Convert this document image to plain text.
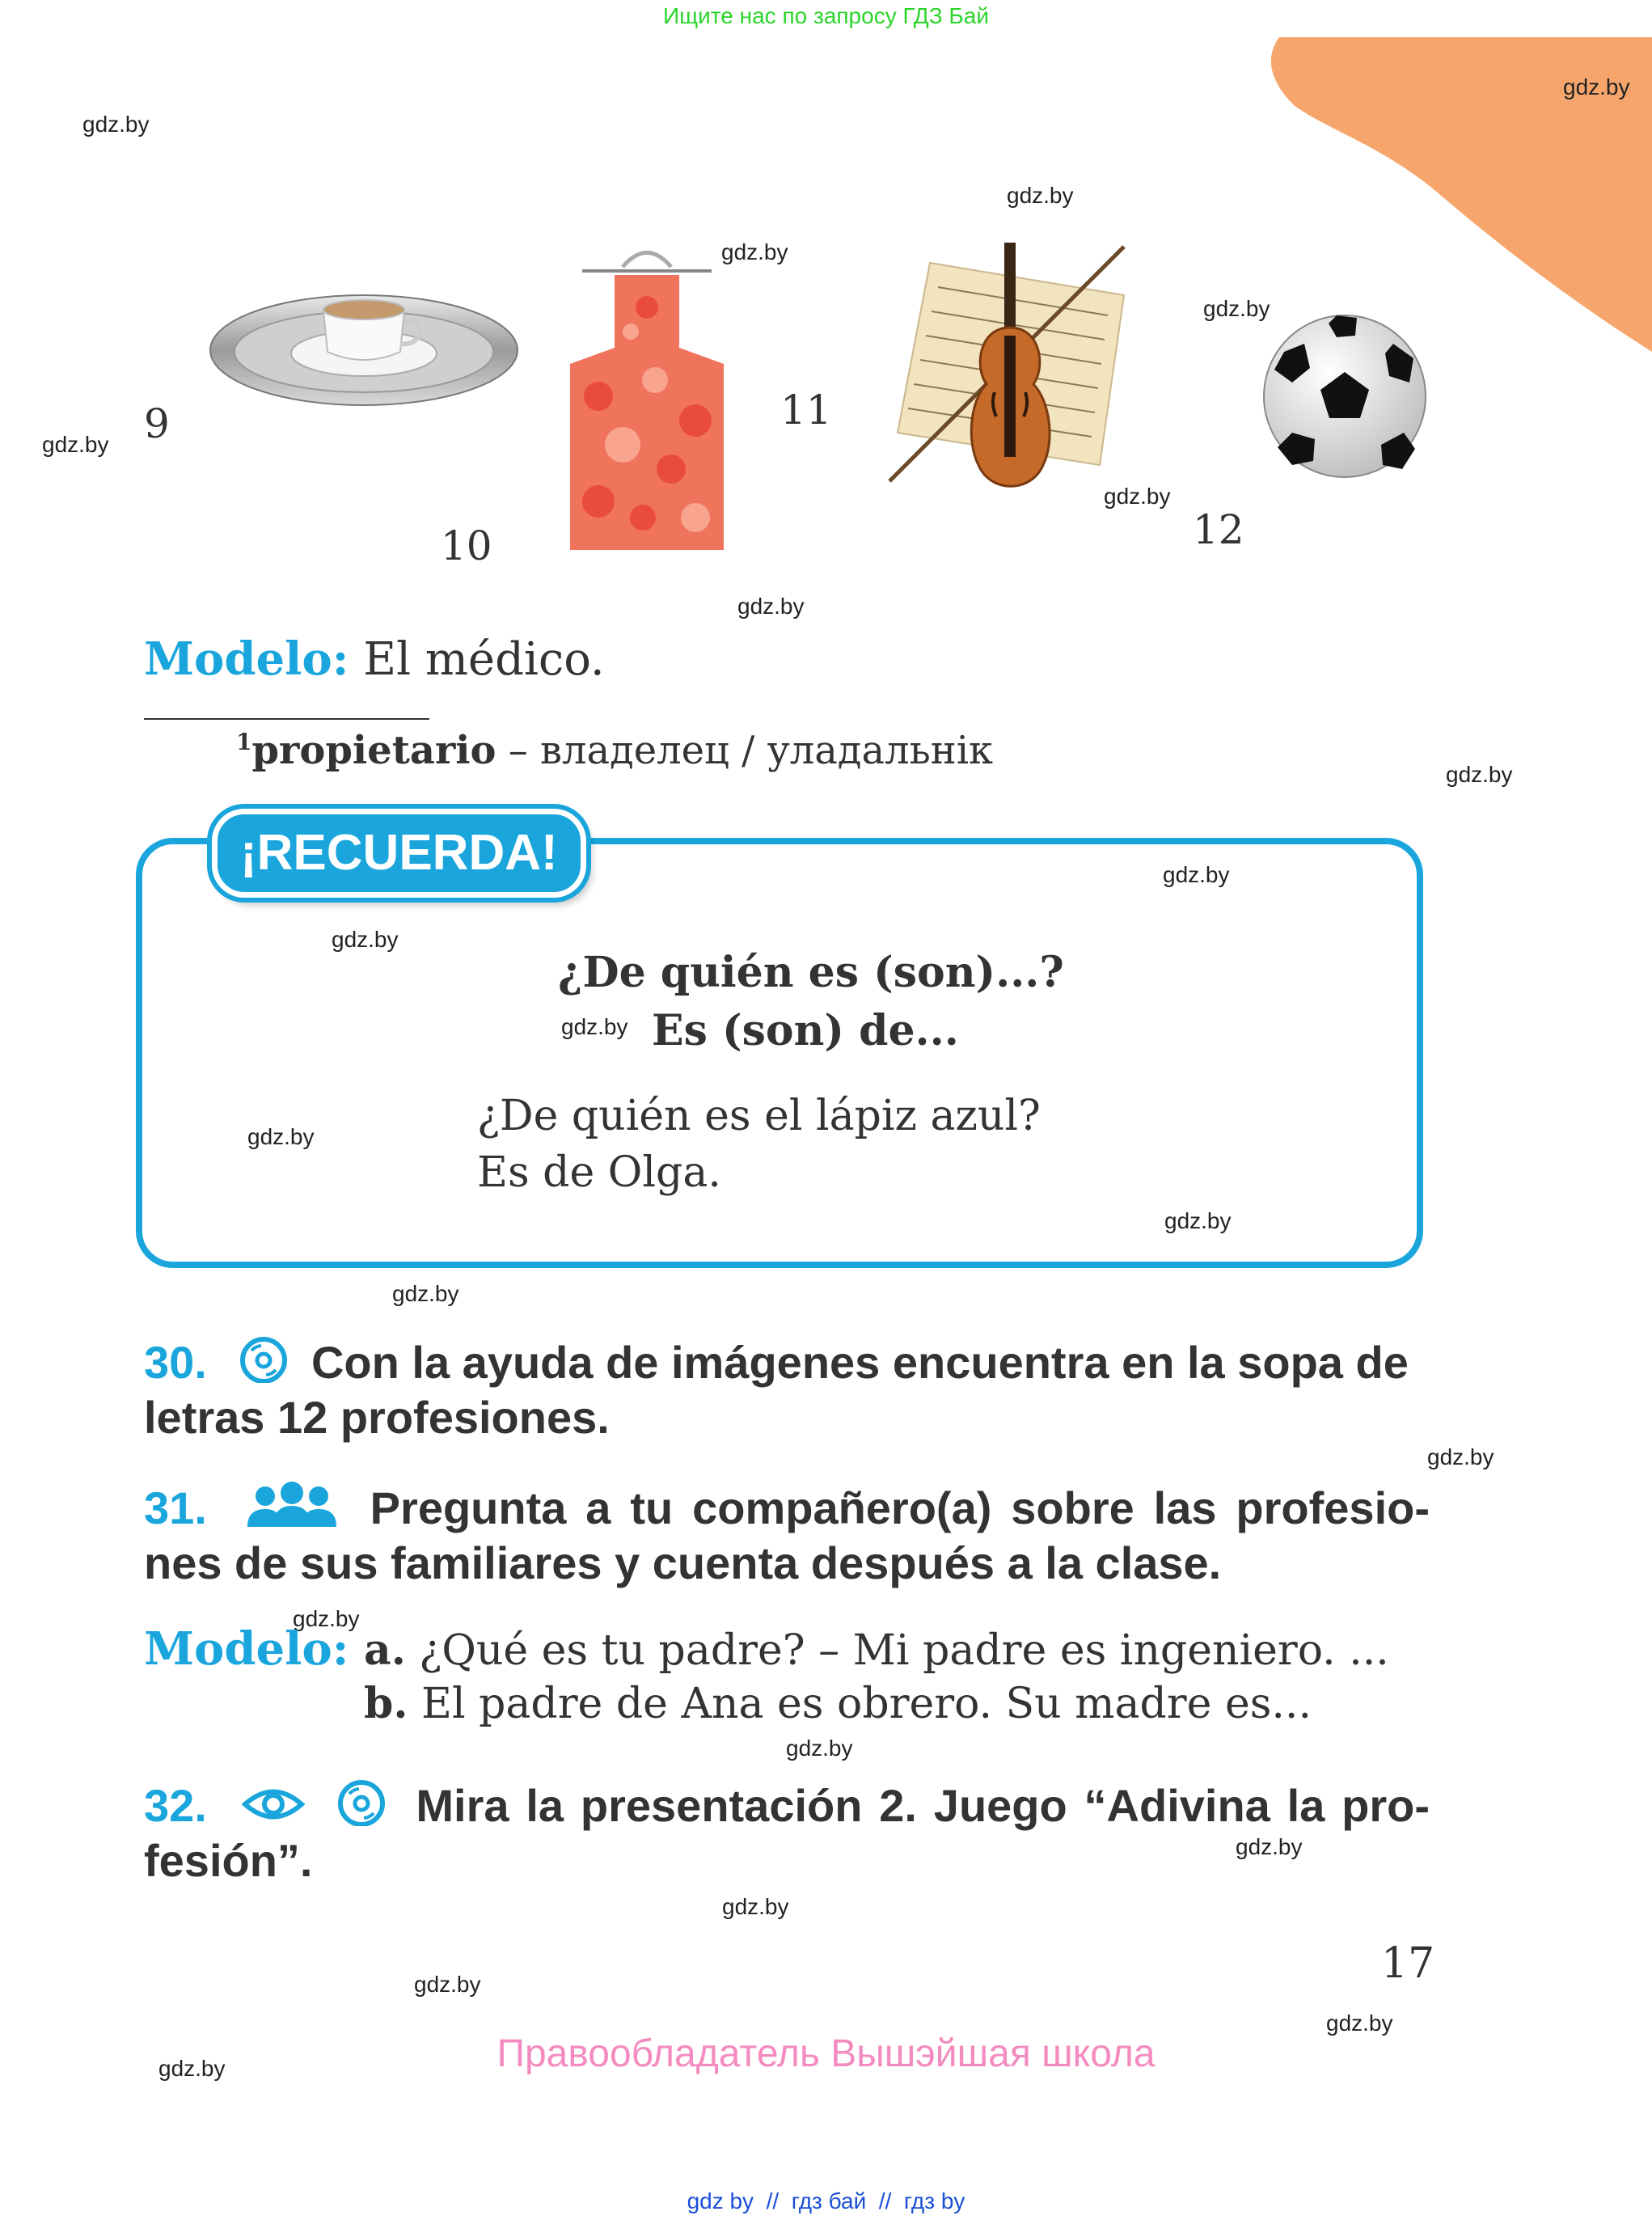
Ищите нас по запросу ГДЗ Бай
gdz.by
gdz.by
gdz.by
gdz.by
gdz.by
gdz.by
gdz.by
gdz.by
gdz.by
gdz.by
gdz.by
gdz.by
gdz.by
gdz.by
gdz.by
gdz.by
gdz.by
gdz.by
gdz.by
gdz.by
gdz.by
gdz.by
gdz.by
9
10
11
12
Modelo: El médico.
$^1$propietario – владелец / уладальнік
¡RECUERDA!
¿De quién es (son)...?
Es (son) de...
¿De quién es el lápiz azul?
Es de Olga.
30. Con la ayuda de imágenes encuentra en la sopa de letras 12 profesiones.
31.	Pregunta a tu compañero(a) sobre las profesio-nes de sus familiares y cuenta después a la clase.
Modelo: a. ¿Qué es tu padre? – Mi padre es ingeniero. ...
b. El padre de Ana es obrero. Su madre es...
32.	Mira la presentación 2. Juego “Adivina la pro-fesión”.
17
Правообладатель Вышэйшая школа
gdz by  //  гдз бай  //  гдз by
